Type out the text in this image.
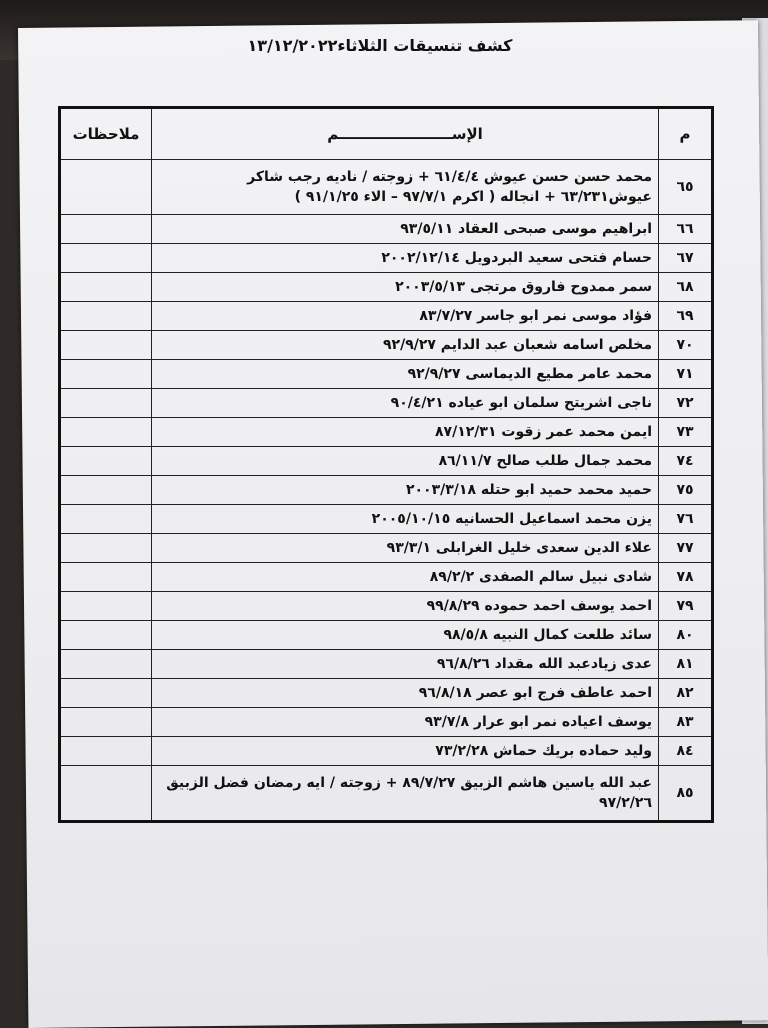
كشف تنسيقات الثلاثاء١٣/١٢/٢٠٢٢
م	الإســــــــــــــــــــــم	ملاحظات
٦٥	محمد حسن حسن عيوش ٦١/٤/٤ + زوجته / ناديه رجب شاكر عيوش٦٣/٢٣١ + انجاله ( اكرم ٩٧/٧/١ – الاء ٩١/١/٢٥ )	
٦٦	ابراهيم موسى صبحى العقاد ٩٣/٥/١١	
٦٧	حسام فتحى سعيد البردويل ٢٠٠٢/١٢/١٤	
٦٨	سمر ممدوح فاروق مرتجى ٢٠٠٣/٥/١٣	
٦٩	فؤاد موسى نمر ابو جاسر ٨٣/٧/٢٧	
٧٠	مخلص اسامه شعبان عبد الدايم ٩٢/٩/٢٧	
٧١	محمد عامر مطيع الديماسى ٩٢/٩/٢٧	
٧٢	ناجى اشريتح سلمان ابو عياده ٩٠/٤/٢١	
٧٣	ايمن محمد عمر زقوت ٨٧/١٢/٣١	
٧٤	محمد جمال طلب صالح ٨٦/١١/٧	
٧٥	حميد محمد حميد ابو حتله ٢٠٠٣/٣/١٨	
٧٦	يزن محمد اسماعيل الحسانيه ٢٠٠٥/١٠/١٥	
٧٧	علاء الدين سعدى خليل الغرابلى ٩٣/٣/١	
٧٨	شادى نبيل سالم الصفدى ٨٩/٢/٢	
٧٩	احمد يوسف احمد حموده ٩٩/٨/٢٩	
٨٠	سائد طلعت كمال النبيه ٩٨/٥/٨	
٨١	عدى زيادعبد الله مقداد ٩٦/٨/٢٦	
٨٢	احمد عاطف فرج ابو عصر ٩٦/٨/١٨	
٨٣	يوسف اعياده نمر ابو عرار ٩٣/٧/٨	
٨٤	وليد حماده بريك حماش ٧٣/٢/٢٨	
٨٥	عبد الله ياسين هاشم الزبيق ٨٩/٧/٢٧ + زوجته / ايه رمضان فضل الزبيق ٩٧/٢/٢٦	
